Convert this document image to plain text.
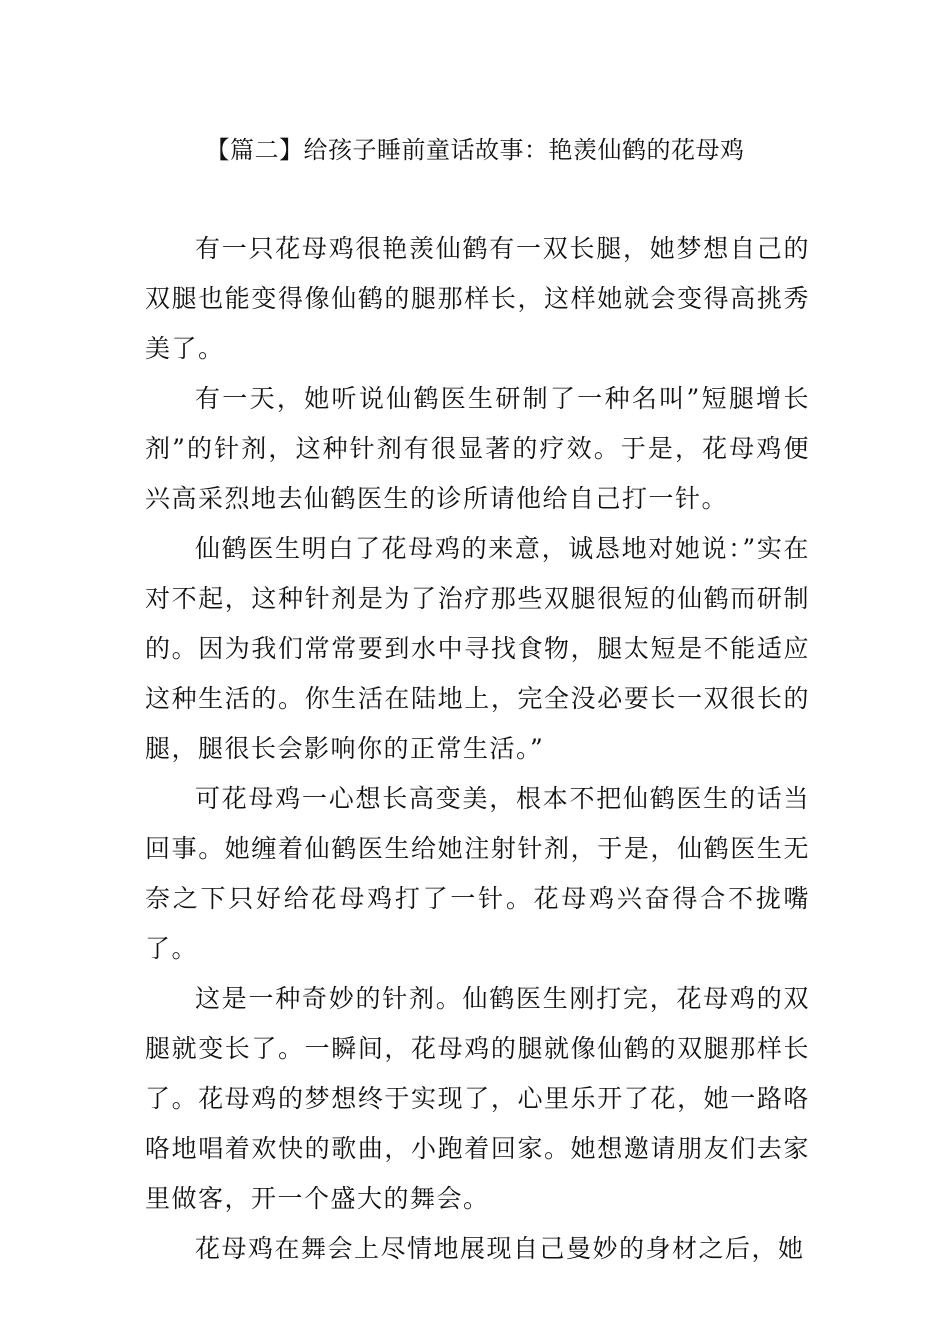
【篇二】给孩子睡前童话故事：艳羡仙鹤的花母鸡

有一只花母鸡很艳羡仙鹤有一双长腿，她梦想自己的双腿也能变得像仙鹤的腿那样长，这样她就会变得高挑秀美了。

有一天，她听说仙鹤医生研制了一种名叫”短腿增长剂”的针剂，这种针剂有很显著的疗效。于是，花母鸡便兴高采烈地去仙鹤医生的诊所请他给自己打一针。

仙鹤医生明白了花母鸡的来意，诚恳地对她说：”实在对不起，这种针剂是为了治疗那些双腿很短的仙鹤而研制的。因为我们常常要到水中寻找食物，腿太短是不能适应这种生活的。你生活在陆地上，完全没必要长一双很长的腿，腿很长会影响你的正常生活。”

可花母鸡一心想长高变美，根本不把仙鹤医生的话当回事。她缠着仙鹤医生给她注射针剂，于是，仙鹤医生无奈之下只好给花母鸡打了一针。花母鸡兴奋得合不拢嘴了。

这是一种奇妙的针剂。仙鹤医生刚打完，花母鸡的双腿就变长了。一瞬间，花母鸡的腿就像仙鹤的双腿那样长了。花母鸡的梦想终于实现了，心里乐开了花，她一路咯咯地唱着欢快的歌曲，小跑着回家。她想邀请朋友们去家里做客，开一个盛大的舞会。

花母鸡在舞会上尽情地展现自己曼妙的身材之后，她
